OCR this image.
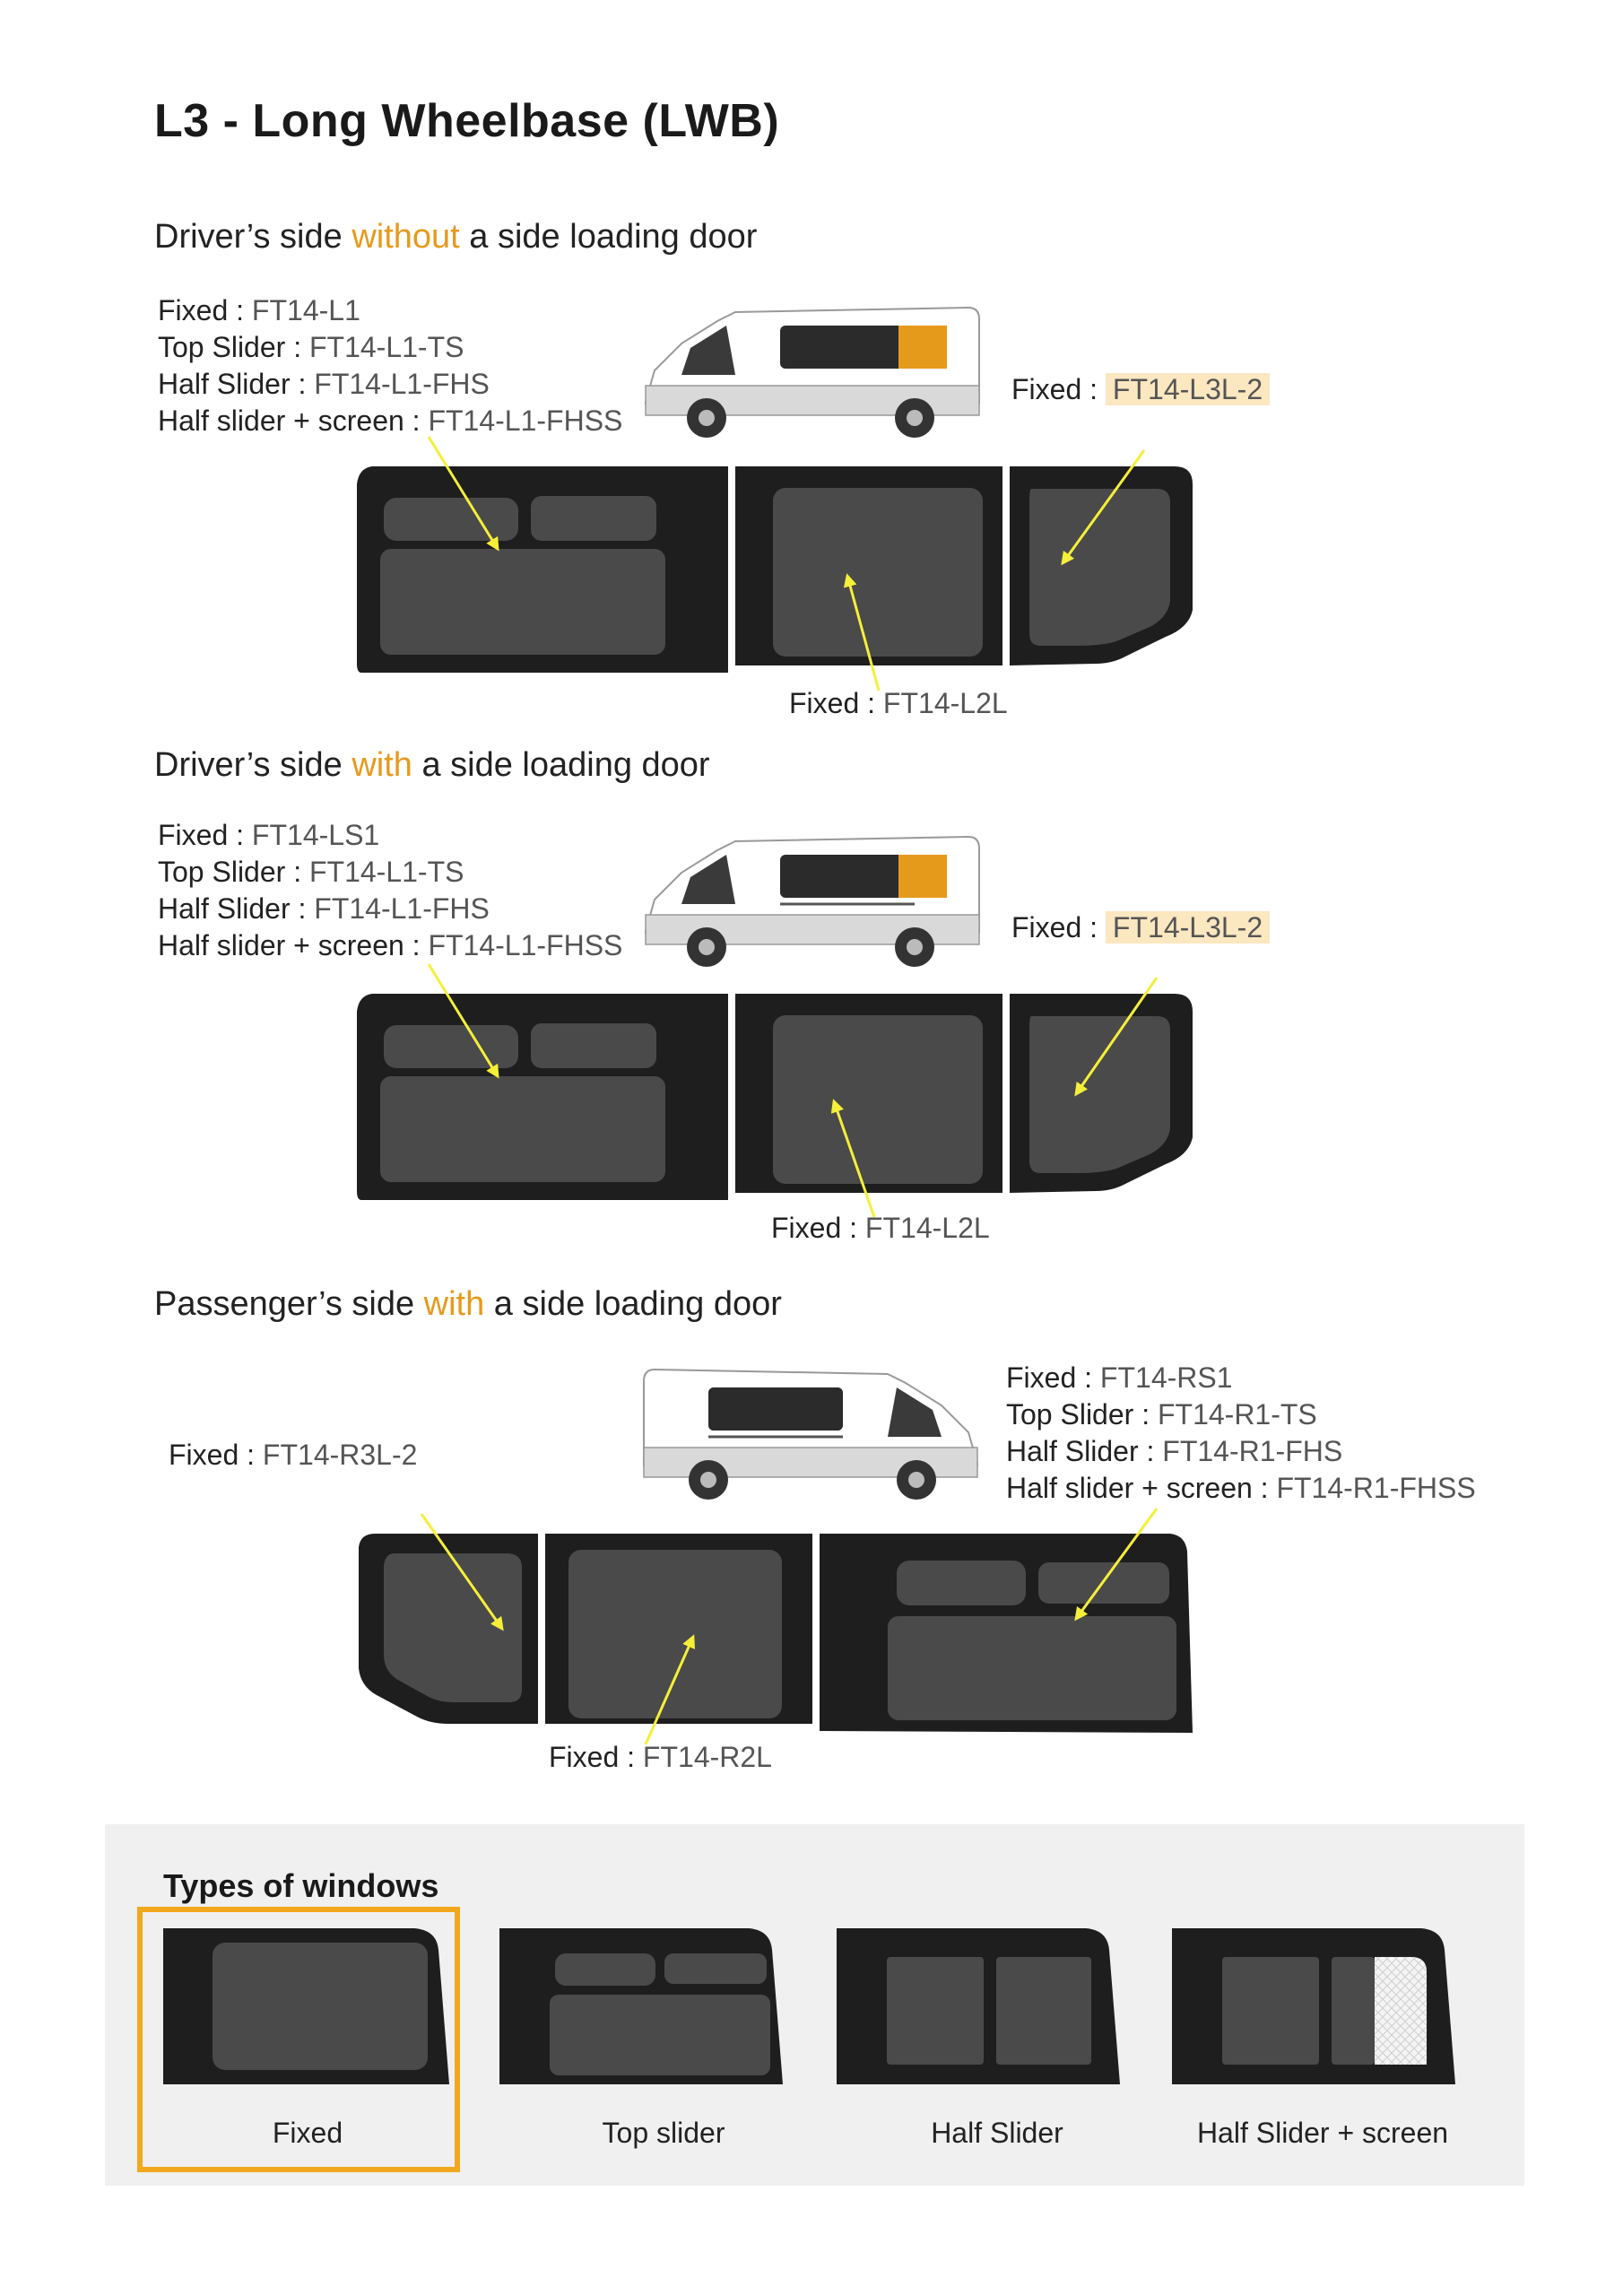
L3 - Long Wheelbase (LWB)
Driver’s side without a side loading door
Fixed : FT14-L1
Top Slider : FT14-L1-TS
Half Slider : FT14-L1-FHS
Half slider + screen : FT14-L1-FHSS
Fixed : FT14-L3L-2
Fixed : FT14-L2L
Driver’s side with a side loading door
Fixed : FT14-LS1
Top Slider : FT14-L1-TS
Half Slider : FT14-L1-FHS
Half slider + screen : FT14-L1-FHSS
Fixed : FT14-L3L-2
Fixed : FT14-L2L
Passenger’s side with a side loading door
Fixed : FT14-R3L-2
Fixed : FT14-RS1
Top Slider : FT14-R1-TS
Half Slider : FT14-R1-FHS
Half slider + screen : FT14-R1-FHSS
Fixed : FT14-R2L
Types of windows
Fixed	Top slider	Half Slider	Half Slider + screen
